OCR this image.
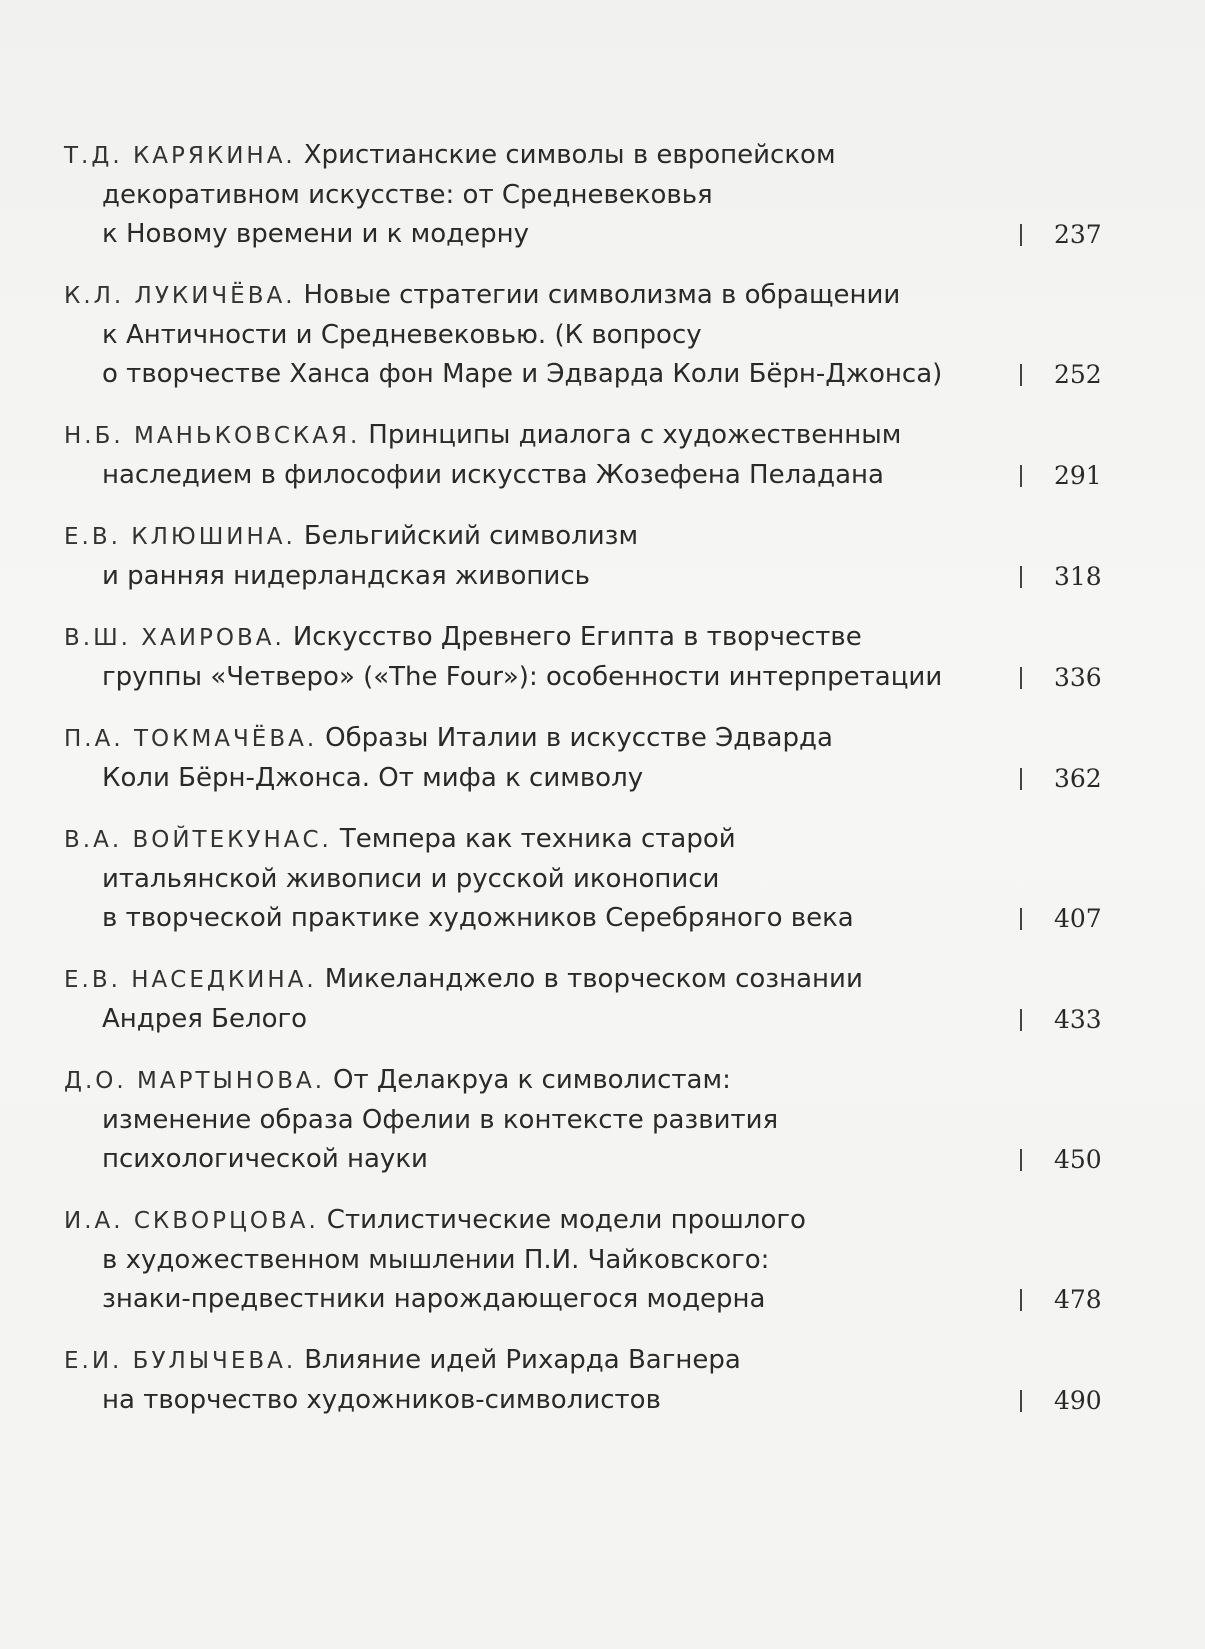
Т.Д. КАРЯКИНА. Христианские символы в европейском
декоративном искусстве: от Средневековья
к Новому времени и к модерну	237
К.Л. ЛУКИЧЁВА. Новые стратегии символизма в обращении
к Античности и Средневековью. (К вопросу
о творчестве Ханса фон Маре и Эдварда Коли Бёрн-Джонса)	252
Н.Б. МАНЬКОВСКАЯ. Принципы диалога с художественным
наследием в философии искусства Жозефена Пеладана	291
Е.В. КЛЮШИНА. Бельгийский символизм
и ранняя нидерландская живопись	318
В.Ш. ХАИРОВА. Искусство Древнего Египта в творчестве
группы «Четверо» («The Four»): особенности интерпретации	336
П.А. ТОКМАЧЁВА. Образы Италии в искусстве Эдварда
Коли Бёрн-Джонса. От мифа к символу	362
В.А. ВОЙТЕКУНАС. Темпера как техника старой
итальянской живописи и русской иконописи
в творческой практике художников Серебряного века	407
Е.В. НАСЕДКИНА. Микеланджело в творческом сознании
Андрея Белого	433
Д.О. МАРТЫНОВА. От Делакруа к символистам:
изменение образа Офелии в контексте развития
психологической науки	450
И.А. СКВОРЦОВА. Стилистические модели прошлого
в художественном мышлении П.И. Чайковского:
знаки-предвестники нарождающегося модерна	478
Е.И. БУЛЫЧЕВА. Влияние идей Рихарда Вагнера
на творчество художников-символистов	490
